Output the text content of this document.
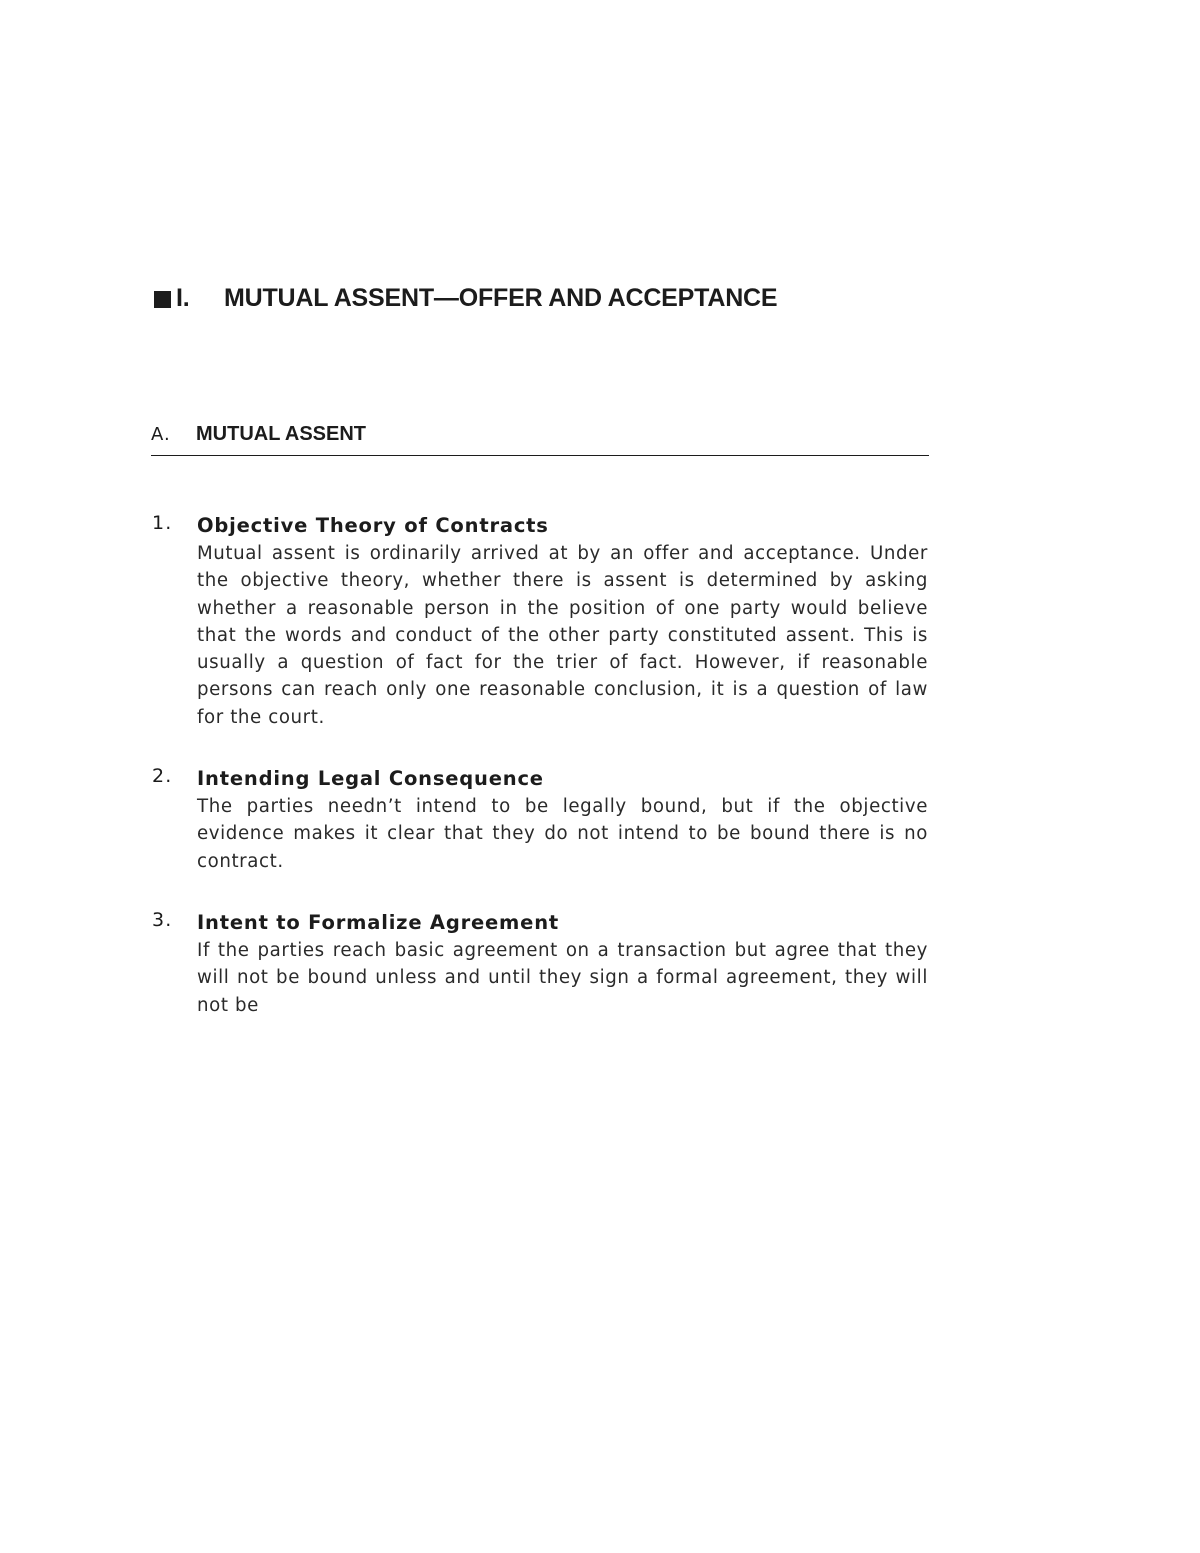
I.	MUTUAL ASSENT—OFFER AND ACCEPTANCE
A. MUTUAL ASSENT
1. Objective Theory of Contracts
Mutual assent is ordinarily arrived at by an offer and acceptance. Under the objective theory, whether there is assent is determined by asking whether a reasonable person in the position of one party would believe that the words and conduct of the other party constituted assent. This is usually a question of fact for the trier of fact. However, if reasonable persons can reach only one reasonable conclusion, it is a question of law for the court.
2. Intending Legal Consequence
The parties needn’t intend to be legally bound, but if the objective evidence makes it clear that they do not intend to be bound there is no contract.
3. Intent to Formalize Agreement
If the parties reach basic agreement on a transaction but agree that they will not be bound unless and until they sign a formal agreement, they will not be
